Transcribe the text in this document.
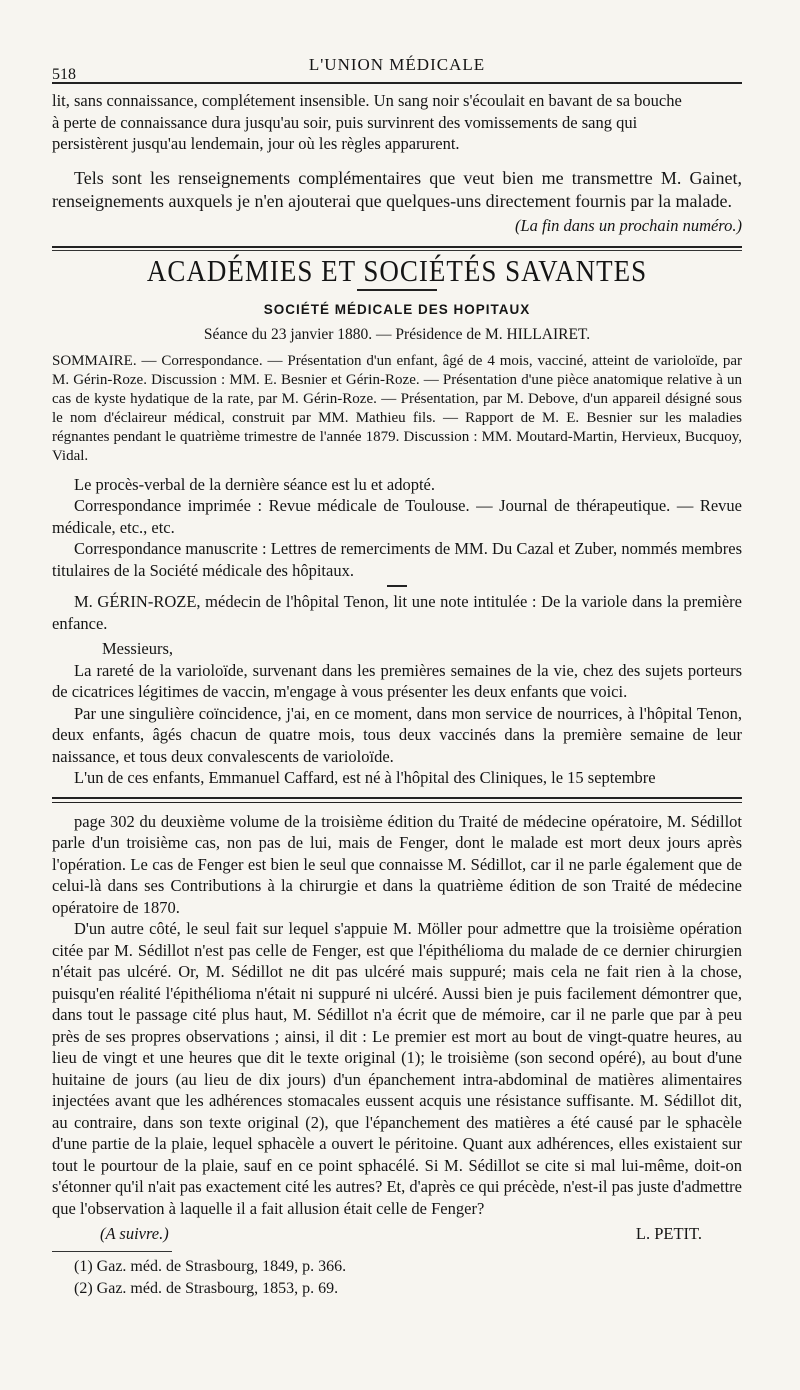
518
L'UNION MÉDICALE

lit, sans connaissance, complétement insensible. Un sang noir s'écoulait en bavant de sa bouche

à perte de connaissance dura jusqu'au soir, puis survinrent des vomissements de sang qui

persistèrent jusqu'au lendemain, jour où les règles apparurent.

Tels sont les renseignements complémentaires que veut bien me transmettre M. Gainet, renseignements auxquels je n'en ajouterai que quelques-uns directement fournis par la malade.

(La fin dans un prochain numéro.)

ACADÉMIES ET SOCIÉTÉS SAVANTES
SOCIÉTÉ MÉDICALE DES HOPITAUX
Séance du 23 janvier 1880. — Présidence de M. HILLAIRET.

SOMMAIRE. — Correspondance. — Présentation d'un enfant, âgé de 4 mois, vacciné, atteint de varioloïde, par M. Gérin-Roze. Discussion : MM. E. Besnier et Gérin-Roze. — Présentation d'une pièce anatomique relative à un cas de kyste hydatique de la rate, par M. Gérin-Roze. — Présentation, par M. Debove, d'un appareil désigné sous le nom d'éclaireur médical, construit par MM. Mathieu fils. — Rapport de M. E. Besnier sur les maladies régnantes pendant le quatrième trimestre de l'année 1879. Discussion : MM. Moutard-Martin, Hervieux, Bucquoy, Vidal.

Le procès-verbal de la dernière séance est lu et adopté.

Correspondance imprimée : Revue médicale de Toulouse. — Journal de thérapeutique. — Revue médicale, etc., etc.

Correspondance manuscrite : Lettres de remerciments de MM. Du Cazal et Zuber, nommés membres titulaires de la Société médicale des hôpitaux.

M. GÉRIN-ROZE, médecin de l'hôpital Tenon, lit une note intitulée : De la variole dans la première enfance.

Messieurs,

La rareté de la varioloïde, survenant dans les premières semaines de la vie, chez des sujets porteurs de cicatrices légitimes de vaccin, m'engage à vous présenter les deux enfants que voici.

Par une singulière coïncidence, j'ai, en ce moment, dans mon service de nourrices, à l'hôpital Tenon, deux enfants, âgés chacun de quatre mois, tous deux vaccinés dans la première semaine de leur naissance, et tous deux convalescents de varioloïde.

L'un de ces enfants, Emmanuel Caffard, est né à l'hôpital des Cliniques, le 15 septembre

page 302 du deuxième volume de la troisième édition du Traité de médecine opératoire, M. Sédillot parle d'un troisième cas, non pas de lui, mais de Fenger, dont le malade est mort deux jours après l'opération. Le cas de Fenger est bien le seul que connaisse M. Sédillot, car il ne parle également que de celui-là dans ses Contributions à la chirurgie et dans la quatrième édition de son Traité de médecine opératoire de 1870.

D'un autre côté, le seul fait sur lequel s'appuie M. Möller pour admettre que la troisième opération citée par M. Sédillot n'est pas celle de Fenger, est que l'épithélioma du malade de ce dernier chirurgien n'était pas ulcéré. Or, M. Sédillot ne dit pas ulcéré mais suppuré; mais cela ne fait rien à la chose, puisqu'en réalité l'épithélioma n'était ni suppuré ni ulcéré. Aussi bien je puis facilement démontrer que, dans tout le passage cité plus haut, M. Sédillot n'a écrit que de mémoire, car il ne parle que par à peu près de ses propres observations ; ainsi, il dit : Le premier est mort au bout de vingt-quatre heures, au lieu de vingt et une heures que dit le texte original (1); le troisième (son second opéré), au bout d'une huitaine de jours (au lieu de dix jours) d'un épanchement intra-abdominal de matières alimentaires injectées avant que les adhérences stomacales eussent acquis une résistance suffisante. M. Sédillot dit, au contraire, dans son texte original (2), que l'épanchement des matières a été causé par le sphacèle d'une partie de la plaie, lequel sphacèle a ouvert le péritoine. Quant aux adhérences, elles existaient sur tout le pourtour de la plaie, sauf en ce point sphacélé. Si M. Sédillot se cite si mal lui-même, doit-on s'étonner qu'il n'ait pas exactement cité les autres? Et, d'après ce qui précède, n'est-il pas juste d'admettre que l'observation à laquelle il a fait allusion était celle de Fenger?

(A suivre.)	L. PETIT.

(1) Gaz. méd. de Strasbourg, 1849, p. 366.

(2) Gaz. méd. de Strasbourg, 1853, p. 69.
